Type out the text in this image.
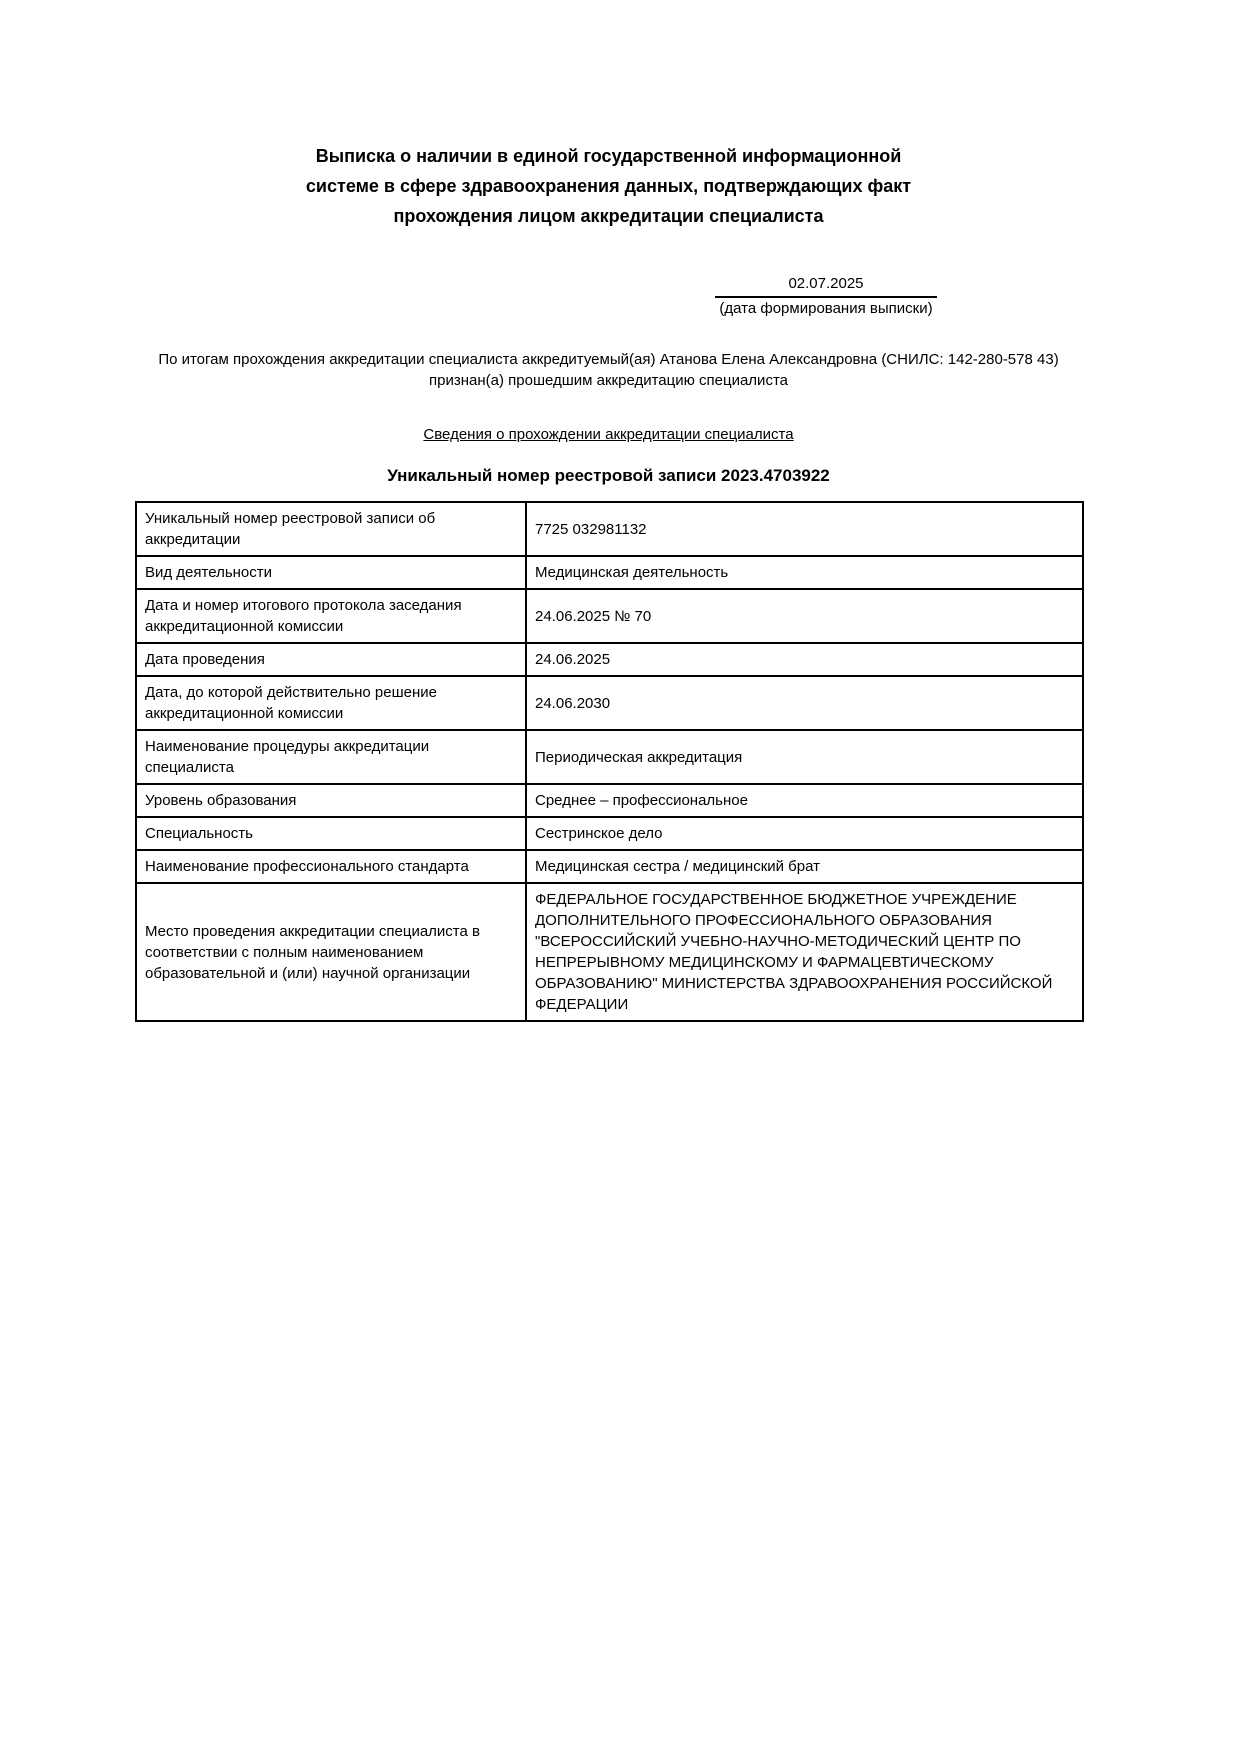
Выписка о наличии в единой государственной информационной
системе в сфере здравоохранения данных, подтверждающих факт
прохождения лицом аккредитации специалиста
02.07.2025
(дата формирования выписки)

По итогам прохождения аккредитации специалиста аккредитуемый(ая) Атанова Елена Александровна (СНИЛС: 142-280-578 43) признан(а) прошедшим аккредитацию специалиста

Сведения о прохождении аккредитации специалиста
Уникальный номер реестровой записи 2023.4703922
Уникальный номер реестровой записи об аккредитации	7725 032981132
Вид деятельности	Медицинская деятельность
Дата и номер итогового протокола заседания аккредитационной комиссии	24.06.2025 № 70
Дата проведения	24.06.2025
Дата, до которой действительно решение аккредитационной комиссии	24.06.2030
Наименование процедуры аккредитации специалиста	Периодическая аккредитация
Уровень образования	Среднее – профессиональное
Специальность	Сестринское дело
Наименование профессионального стандарта	Медицинская сестра / медицинский брат
Место проведения аккредитации специалиста в соответствии с полным наименованием образовательной и (или) научной организации	ФЕДЕРАЛЬНОЕ ГОСУДАРСТВЕННОЕ БЮДЖЕТНОЕ УЧРЕЖДЕНИЕ ДОПОЛНИТЕЛЬНОГО ПРОФЕССИОНАЛЬНОГО ОБРАЗОВАНИЯ "ВСЕРОССИЙСКИЙ УЧЕБНО-НАУЧНО-МЕТОДИЧЕСКИЙ ЦЕНТР ПО НЕПРЕРЫВНОМУ МЕДИЦИНСКОМУ И ФАРМАЦЕВТИЧЕСКОМУ ОБРАЗОВАНИЮ" МИНИСТЕРСТВА ЗДРАВООХРАНЕНИЯ РОССИЙСКОЙ ФЕДЕРАЦИИ
